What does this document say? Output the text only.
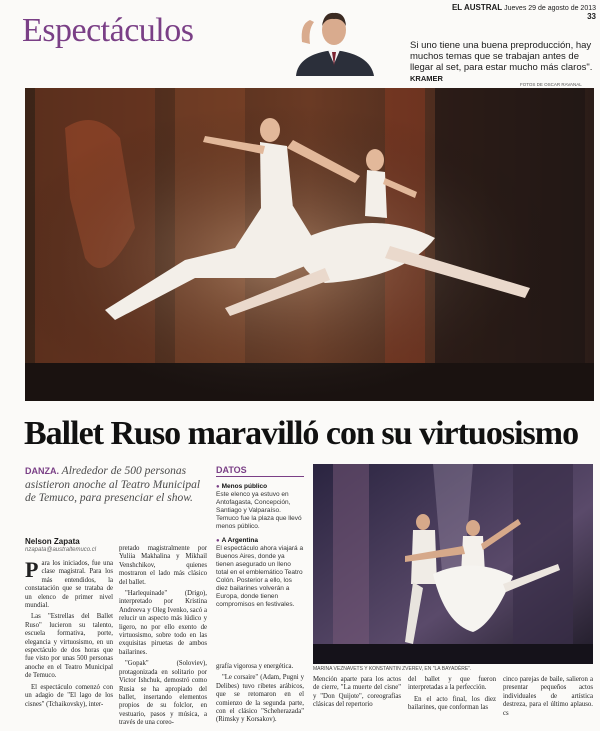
EL AUSTRAL Jueves 29 de agosto de 2013 33
Espectáculos	Si uno tiene una buena preproducción, hay muchos temas que se trabajan antes de llegar al set, para estar mucho más claros". KRAMER
FOTOS DE OSCAR RAVANAL
Ballet Ruso maravilló con su virtuosismo
DANZA. Alrededor de 500 personas asistieron anoche al Teatro Municipal de Temuco, para presenciar el show.
Nelson Zapata
nzapata@australtemuco.cl

Para los iniciados, fue una clase magistral. Para los más entendidos, la constatación que se trataba de un elenco de primer nivel mundial.

Las "Estrellas del Ballet Ruso" lucieron su talento, escuela formativa, porte, elegancia y virtuosismo, en un espectáculo de dos horas que fue visto por unas 500 personas anoche en el Teatro Municipal de Temuco.

El espectáculo comenzó con un adagio de "El lago de los cisnes" (Tchaikovsky), inter-

pretado magistralmente por Yuliia Makhalina y Mikhail Venshchikov, quienes mostraron el lado más clásico del ballet.

"Harlequinade" (Drigo), interpretado por Kristina Andreeva y Oleg Ivenko, sacó a relucir un aspecto más lúdico y ligero, no por ello exento de virtuosismo, sobre todo en las exquisitas piruetas de ambos bailarines.

"Gopak" (Soloviev), protagonizada en solitario por Victor Ishchuk, demostró como Rusia se ha apropiado del ballet, insertando elementos propios de su folclor, en vestuario, pasos y música, a través de una coreo-

DATOS
● Menos público
Este elenco ya estuvo en Antofagasta, Concepción, Santiago y Valparaíso. Temuco fue la plaza que llevó menos público.
● A Argentina
El espectáculo ahora viajará a Buenos Aires, donde ya tienen asegurado un lleno total en el emblemático Teatro Colón. Posterior a ello, los diez bailarines volverán a Europa, donde tienen compromisos en festivales.

grafía vigorosa y energética.

"Le corsaire" (Adam, Pugni y Delibes) tuvo ribetes arábicos, que se retomaron en el comienzo de la segunda parte, con el clásico "Scheherazada" (Rimsky y Korsakov).

MARINA VEZNAVETS Y KONSTANTIN ZVEREV, EN "LA BAYADÈRE".

Mención aparte para los actos de cierre, "La muerte del cisne" y "Don Quijote", coreografías clásicas del repertorio

del ballet y que fueron interpretadas a la perfección.

En el acto final, los diez bailarines, que conforman las

cinco parejas de baile, salieron a presentar pequeños actos individuales de artística destreza, para el último aplauso. cs
